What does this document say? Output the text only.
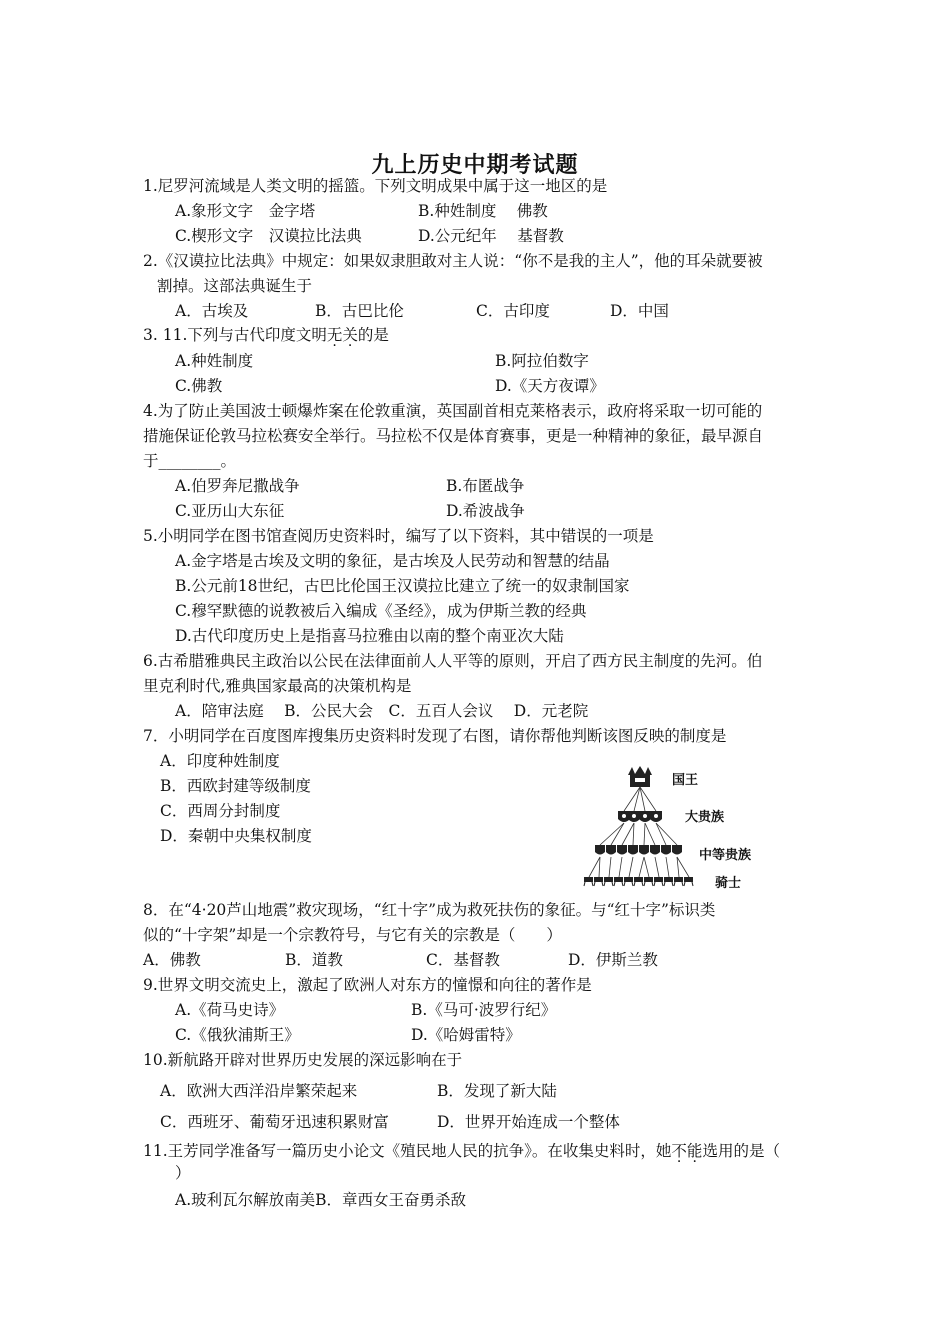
九上历史中期考试题
1.尼罗河流域是人类文明的摇篮。下列文明成果中属于这一地区的是
A.象形文字　金字塔	B.种姓制度　 佛教
C.楔形文字　汉谟拉比法典	D.公元纪年　 基督教
2.《汉谟拉比法典》中规定：如果奴隶胆敢对主人说：“你不是我的主人”，他的耳朵就要被
割掉。这部法典诞生于
A．古埃及	B．古巴比伦	C．古印度	D．中国
3. 11.下列与古代印度文明无关的是
A.种姓制度	B.阿拉伯数字
C.佛教	D.《天方夜谭》
4.为了防止美国波士顿爆炸案在伦敦重演，英国副首相克莱格表示，政府将采取一切可能的
措施保证伦敦马拉松赛安全举行。马拉松不仅是体育赛事，更是一种精神的象征，最早源自
于________。
A.伯罗奔尼撒战争	B.布匿战争
C.亚历山大东征	D.希波战争
5.小明同学在图书馆查阅历史资料时，编写了以下资料，其中错误的一项是
A.金字塔是古埃及文明的象征，是古埃及人民劳动和智慧的结晶
B.公元前18世纪，古巴比伦国王汉谟拉比建立了统一的奴隶制国家
C.穆罕默德的说教被后入编成《圣经》，成为伊斯兰教的经典
D.古代印度历史上是指喜马拉雅由以南的整个南亚次大陆
6.古希腊雅典民主政治以公民在法律面前人人平等的原则，开启了西方民主制度的先河。伯
里克利时代,雅典国家最高的决策机构是
A．陪审法庭　 B．公民大会　C．五百人会议　 D．元老院
7．小明同学在百度图库搜集历史资料时发现了右图，请你帮他判断该图反映的制度是
A．印度种姓制度
B．西欧封建等级制度
C．西周分封制度
D．秦朝中央集权制度
国王
大贵族
中等贵族
骑士
8．在“4·20芦山地震”救灾现场，“红十字”成为救死扶伤的象征。与“红十字”标识类
似的“十字架”却是一个宗教符号，与它有关的宗教是（　　）
A．佛教	B．道教	C．基督教	D．伊斯兰教
9.世界文明交流史上，激起了欧洲人对东方的憧憬和向往的著作是
A.《荷马史诗》	B.《马可·波罗行纪》
C.《俄狄浦斯王》	D.《哈姆雷特》
10.新航路开辟对世界历史发展的深远影响在于
A．欧洲大西洋沿岸繁荣起来	B．发现了新大陆
C．西班牙、葡萄牙迅速积累财富	D．世界开始连成一个整体
11.王芳同学准备写一篇历史小论文《殖民地人民的抗争》。在收集史料时，她不能选用的是（
）
A.玻利瓦尔解放南美B．章西女王奋勇杀敌
